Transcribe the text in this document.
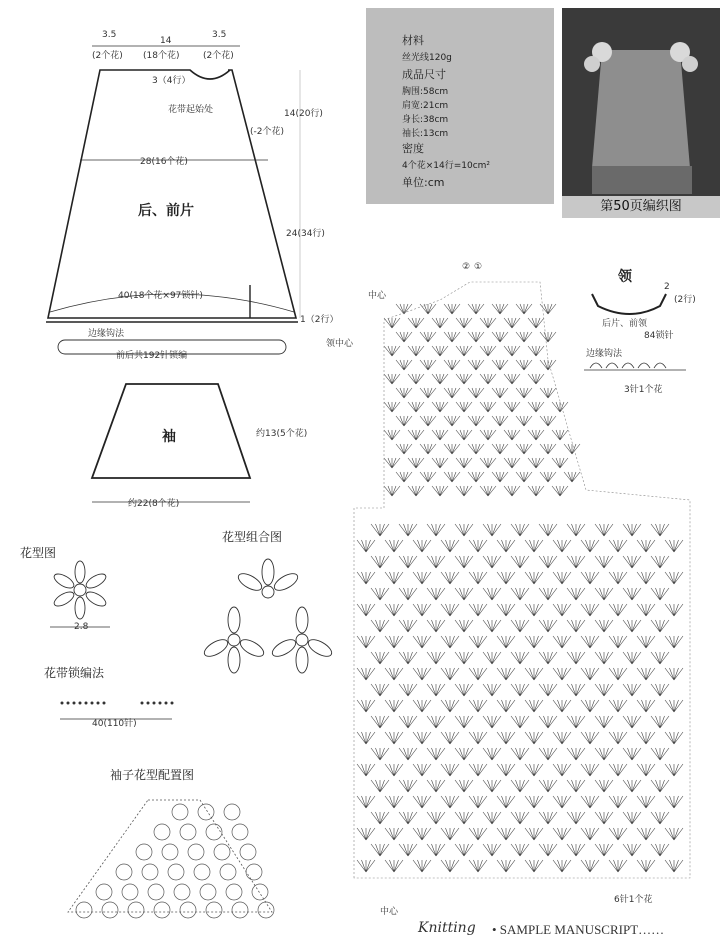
3.5
(2个花)
14
(18个花)
3.5
(2个花)
3（4行）
花带起始处	14(20行)
(-2个花)
28(16个花)
后、前片
24(34行)
40(18个花×97锁针)
1（2行）
边缘钩法
前后共192针锁编
袖	约13(5个花)
约22(8个花)
材料
丝光线120g
成品尺寸
胸围:58cm
肩宽:21cm
身长:38cm
袖长:13cm
密度
4个花×14行=10cm²
单位:cm
第50页编织图
花型图
2.8
花型组合图
花带锁编法
40(110针)
袖子花型配置图
领
2
(2行)
后片、前领
84锁针
边缘钩法
3针1个花
② ①
中心
领中心
6针1个花
中心
Knitting • SAMPLE MANUSCRIPT……
